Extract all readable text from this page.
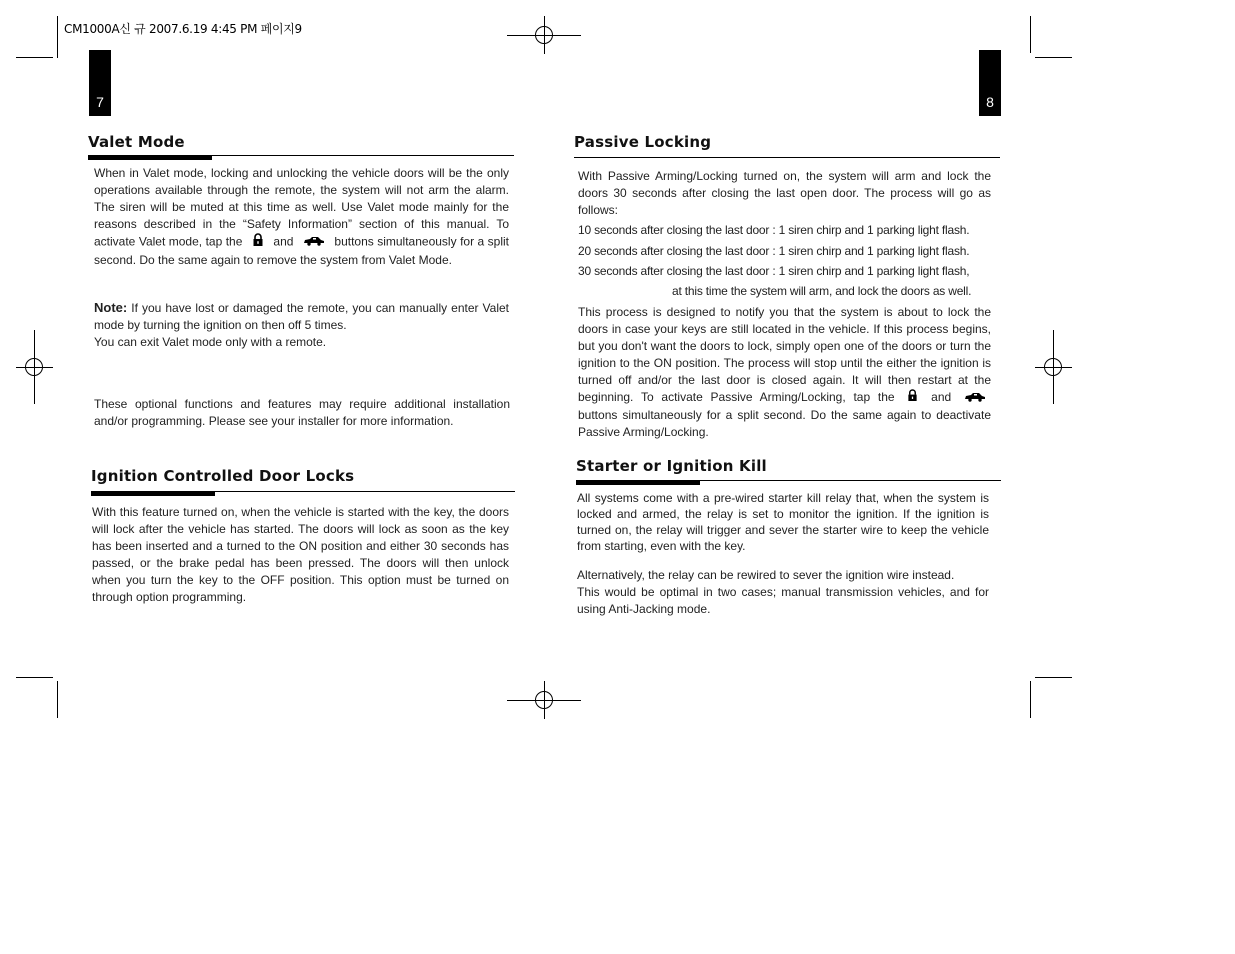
CM1000A신 규 2007.6.19 4:45 PM 페이지9
7	8
Valet Mode
When in Valet mode, locking and unlocking the vehicle doors will be the only operations available through the remote, the system will not arm the alarm. The siren will be muted at this time as well. Use Valet mode mainly for the reasons described in the “Safety Information” section of this manual. To activate Valet mode, tap the	and	buttons simultaneously for a split second. Do the same again to remove the system from Valet Mode.
Note: If you have lost or damaged the remote, you can manually enter Valet mode by turning the ignition on then off 5 times.
You can exit Valet mode only with a remote.
These optional functions and features may require additional installation and/or programming. Please see your installer for more information.
Ignition Controlled Door Locks
With this feature turned on, when the vehicle is started with the key, the doors will lock after the vehicle has started. The doors will lock as soon as the key has been inserted and a turned to the ON position and either 30 seconds has passed, or the brake pedal has been pressed. The doors will then unlock when you turn the key to the OFF position. This option must be turned on through option programming.
Passive Locking
With Passive Arming/Locking turned on, the system will arm and lock the doors 30 seconds after closing the last open door. The process will go as follows:
10 seconds after closing the last door : 1 siren chirp and 1 parking light flash.
20 seconds after closing the last door : 1 siren chirp and 1 parking light flash.
30 seconds after closing the last door : 1 siren chirp and 1 parking light flash,
at this time the system will arm, and lock the doors as well.
This process is designed to notify you that the system is about to lock the doors in case your keys are still located in the vehicle. If this process begins, but you don't want the doors to lock, simply open one of the doors or turn the ignition to the ON position. The process will stop until the either the ignition is turned off and/or the last door is closed again. It will then restart at the beginning. To activate Passive Arming/Locking, tap the	and  buttons simultaneously for a split second. Do the same again to deactivate Passive Arming/Locking.
Starter or Ignition Kill
All systems come with a pre-wired starter kill relay that, when the system is locked and armed, the relay is set to monitor the ignition. If the ignition is turned on, the relay will trigger and sever the starter wire to keep the vehicle from starting, even with the key.
Alternatively, the relay can be rewired to sever the ignition wire instead.
This would be optimal in two cases; manual transmission vehicles, and for using Anti-Jacking mode.
